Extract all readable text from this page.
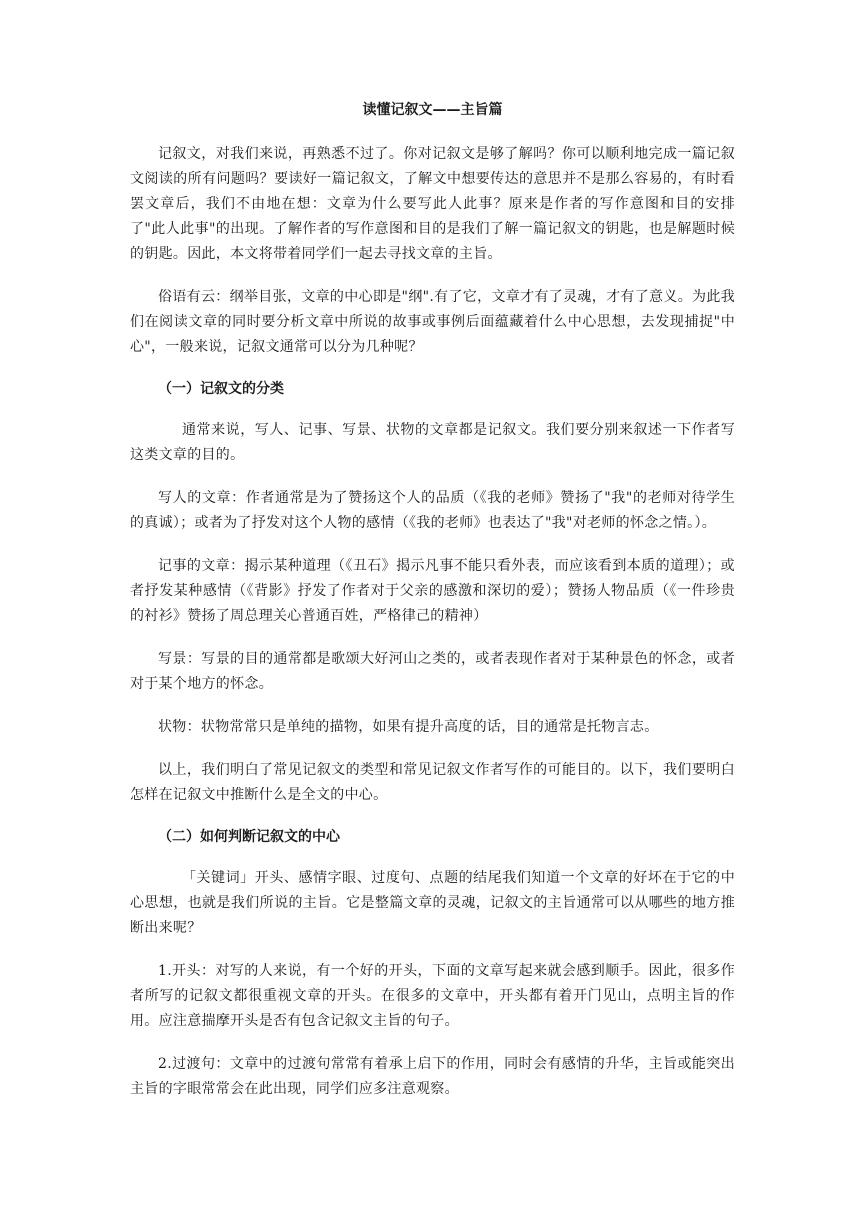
读懂记叙文——主旨篇

记叙文，对我们来说，再熟悉不过了。你对记叙文是够了解吗？你可以顺利地完成一篇记叙文阅读的所有问题吗？要读好一篇记叙文，了解文中想要传达的意思并不是那么容易的，有时看罢文章后，我们不由地在想：文章为什么要写此人此事？原来是作者的写作意图和目的安排了"此人此事"的出现。了解作者的写作意图和目的是我们了解一篇记叙文的钥匙，也是解题时候的钥匙。因此，本文将带着同学们一起去寻找文章的主旨。

俗语有云：纲举目张，文章的中心即是"纲".有了它，文章才有了灵魂，才有了意义。为此我们在阅读文章的同时要分析文章中所说的故事或事例后面蕴藏着什么中心思想，去发现捕捉"中心"，一般来说，记叙文通常可以分为几种呢？

（一）记叙文的分类

通常来说，写人、记事、写景、状物的文章都是记叙文。我们要分别来叙述一下作者写这类文章的目的。

写人的文章：作者通常是为了赞扬这个人的品质（《我的老师》赞扬了"我"的老师对待学生的真诚）；或者为了抒发对这个人物的感情（《我的老师》也表达了"我"对老师的怀念之情。）。

记事的文章：揭示某种道理（《丑石》揭示凡事不能只看外表，而应该看到本质的道理）；或者抒发某种感情（《背影》抒发了作者对于父亲的感激和深切的爱）；赞扬人物品质（《一件珍贵的衬衫》赞扬了周总理关心普通百姓，严格律己的精神）

写景：写景的目的通常都是歌颂大好河山之类的，或者表现作者对于某种景色的怀念，或者对于某个地方的怀念。

状物：状物常常只是单纯的描物，如果有提升高度的话，目的通常是托物言志。

以上，我们明白了常见记叙文的类型和常见记叙文作者写作的可能目的。以下，我们要明白怎样在记叙文中推断什么是全文的中心。

（二）如何判断记叙文的中心

「关键词」开头、感情字眼、过度句、点题的结尾我们知道一个文章的好坏在于它的中心思想，也就是我们所说的主旨。它是整篇文章的灵魂，记叙文的主旨通常可以从哪些的地方推断出来呢？

1.开头：对写的人来说，有一个好的开头，下面的文章写起来就会感到顺手。因此，很多作者所写的记叙文都很重视文章的开头。在很多的文章中，开头都有着开门见山，点明主旨的作用。应注意揣摩开头是否有包含记叙文主旨的句子。

2.过渡句：文章中的过渡句常常有着承上启下的作用，同时会有感情的升华，主旨或能突出主旨的字眼常常会在此出现，同学们应多注意观察。
